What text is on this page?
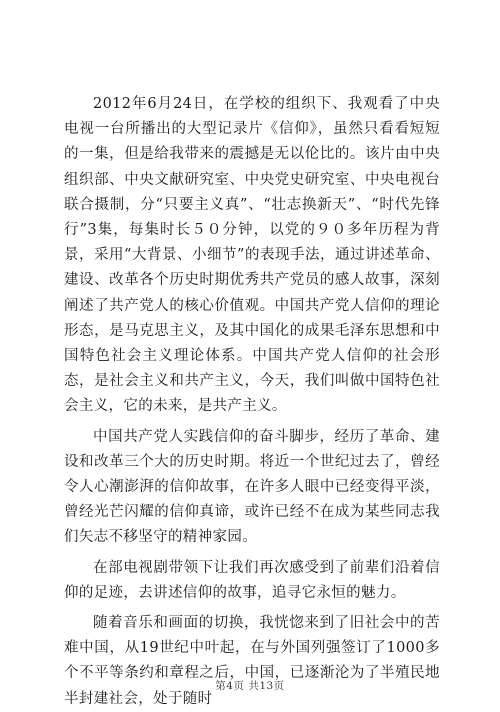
2012年6月24日，在学校的组织下、我观看了中央电视一台所播出的大型记录片《信仰》，虽然只看看短短的一集，但是给我带来的震撼是无以伦比的。该片由中央组织部、中央文献研究室、中央党史研究室、中央电视台联合摄制，分“只要主义真”、“壮志换新天”、“时代先锋行”3集，每集时长５０分钟，以党的９０多年历程为背景，采用“大背景、小细节”的表现手法，通过讲述革命、建设、改革各个历史时期优秀共产党员的感人故事，深刻阐述了共产党人的核心价值观。中国共产党人信仰的理论形态，是马克思主义，及其中国化的成果毛泽东思想和中国特色社会主义理论体系。中国共产党人信仰的社会形态，是社会主义和共产主义，今天，我们叫做中国特色社会主义，它的未来，是共产主义。

中国共产党人实践信仰的奋斗脚步，经历了革命、建设和改革三个大的历史时期。将近一个世纪过去了，曾经令人心潮澎湃的信仰故事，在许多人眼中已经变得平淡，曾经光芒闪耀的信仰真谛，或许已经不在成为某些同志我们矢志不移坚守的精神家园。

在部电视剧带领下让我们再次感受到了前辈们沿着信仰的足迹，去讲述信仰的故事，追寻它永恒的魅力。

随着音乐和画面的切换，我恍惚来到了旧社会中的苦难中国，从19世纪中叶起，在与外国列强签订了1000多个不平等条约和章程之后，中国，已逐渐沦为了半殖民地半封建社会，处于随时

第4页 共13页
